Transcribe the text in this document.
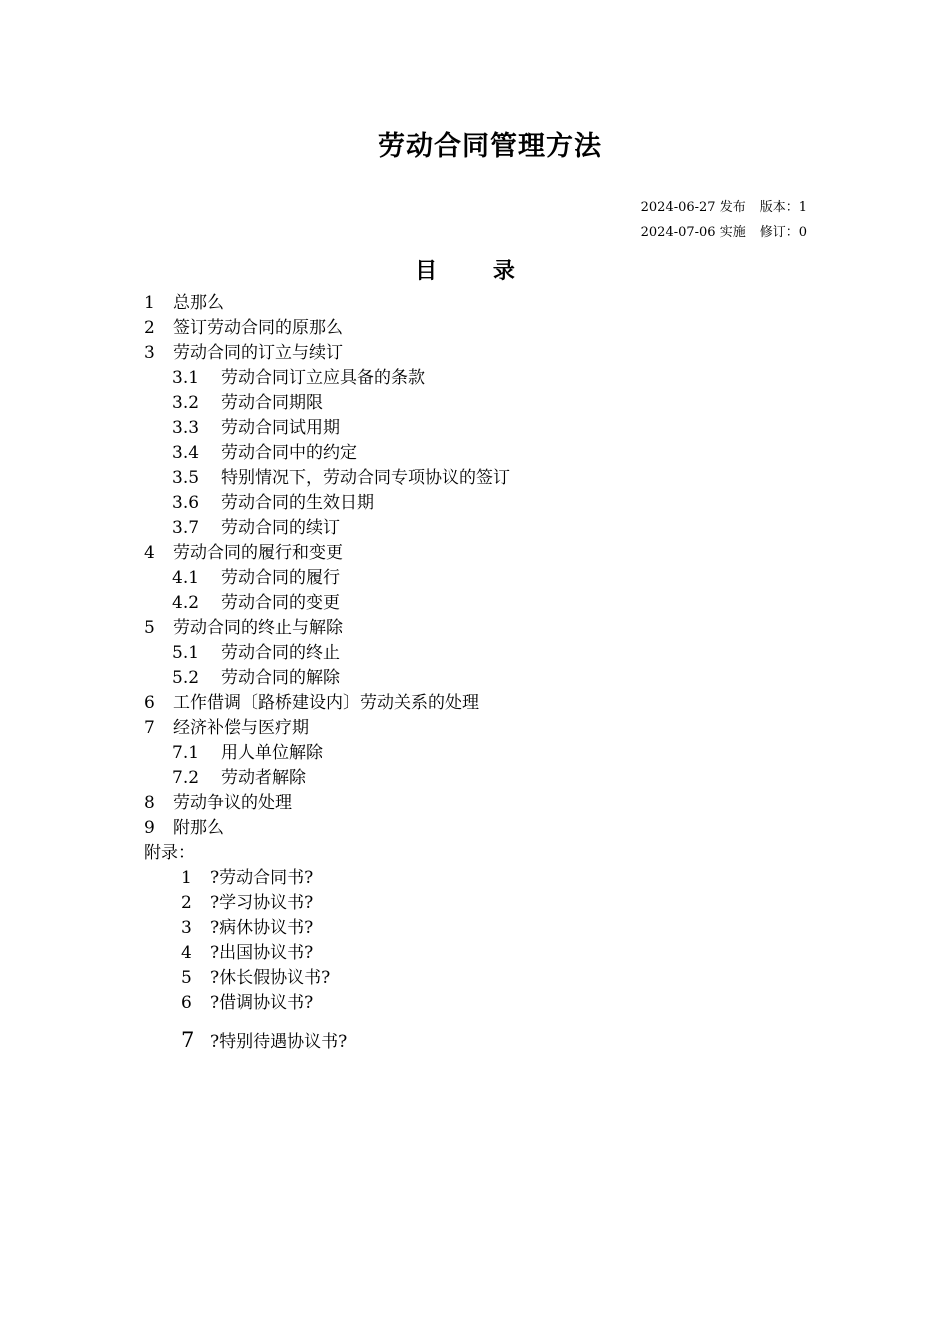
劳动合同管理方法
2024-06-27 发布 版本：1
2024-07-06 实施 修订：0
目 录
1 总那么
2 签订劳动合同的原那么
3 劳动合同的订立与续订
3.1 劳动合同订立应具备的条款
3.2 劳动合同期限
3.3 劳动合同试用期
3.4 劳动合同中的约定
3.5 特别情况下，劳动合同专项协议的签订
3.6 劳动合同的生效日期
3.7 劳动合同的续订
4 劳动合同的履行和变更
4.1 劳动合同的履行
4.2 劳动合同的变更
5 劳动合同的终止与解除
5.1 劳动合同的终止
5.2 劳动合同的解除
6 工作借调〔路桥建设内〕劳动关系的处理
7 经济补偿与医疗期
7.1 用人单位解除
7.2 劳动者解除
8 劳动争议的处理
9 附那么
附录：
1 ?劳动合同书?
2 ?学习协议书?
3 ?病休协议书?
4 ?出国协议书?
5 ?休长假协议书?
6 ?借调协议书?
7 ?特别待遇协议书?
